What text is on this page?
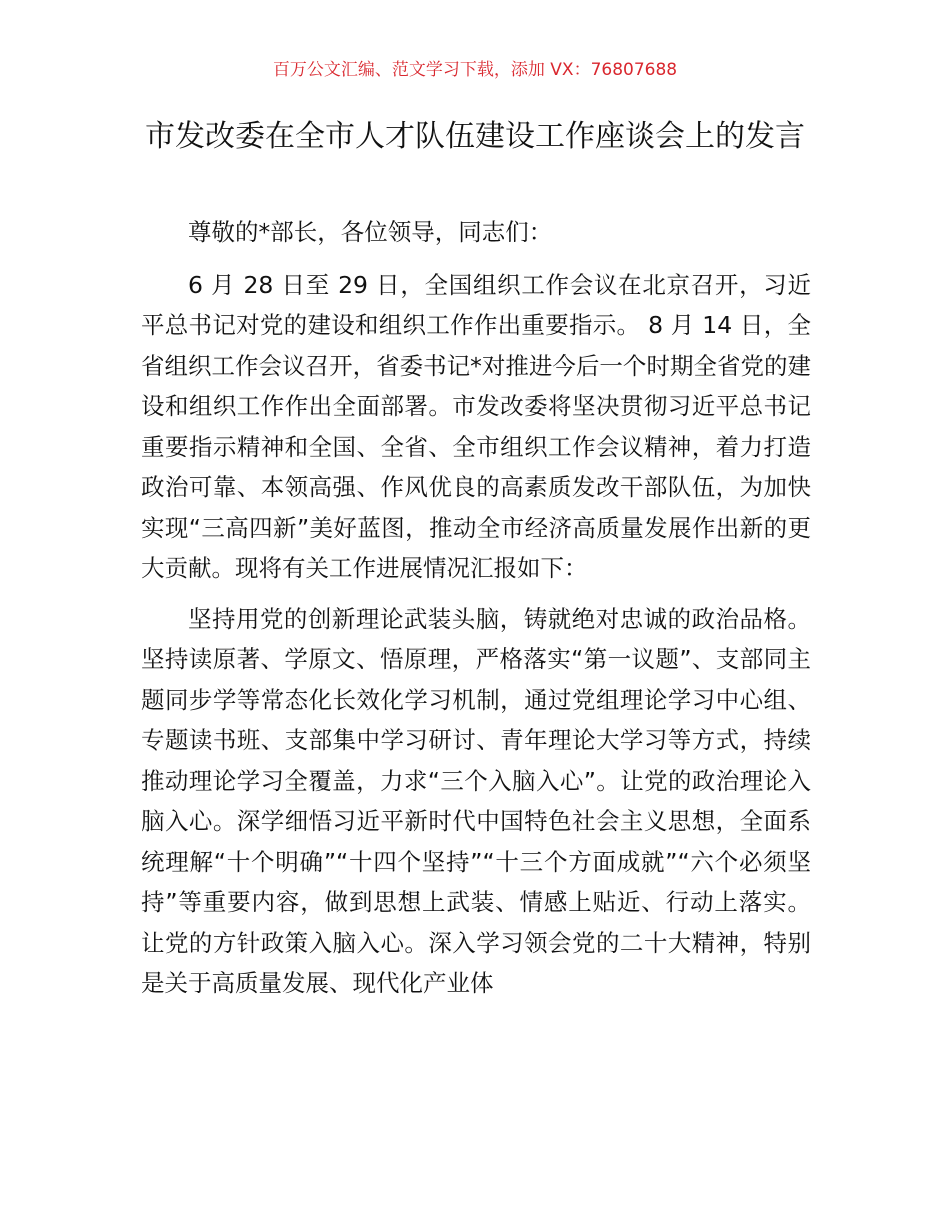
百万公文汇编、范文学习下载，添加 VX：76807688
市发改委在全市人才队伍建设工作座谈会上的发言

尊敬的*部长，各位领导，同志们：

6 月 28 日至 29 日，全国组织工作会议在北京召开，习近平总书记对党的建设和组织工作作出重要指示。 8 月 14 日，全省组织工作会议召开，省委书记*对推进今后一个时期全省党的建设和组织工作作出全面部署。市发改委将坚决贯彻习近平总书记重要指示精神和全国、全省、全市组织工作会议精神，着力打造政治可靠、本领高强、作风优良的高素质发改干部队伍，为加快实现“三高四新”美好蓝图，推动全市经济高质量发展作出新的更大贡献。现将有关工作进展情况汇报如下：

坚持用党的创新理论武装头脑，铸就绝对忠诚的政治品格。坚持读原著、学原文、悟原理，严格落实“第一议题”、支部同主题同步学等常态化长效化学习机制，通过党组理论学习中心组、专题读书班、支部集中学习研讨、青年理论大学习等方式，持续推动理论学习全覆盖，力求“三个入脑入心”。让党的政治理论入脑入心。深学细悟习近平新时代中国特色社会主义思想，全面系统理解“十个明确”“十四个坚持”“十三个方面成就”“六个必须坚持”等重要内容，做到思想上武装、情感上贴近、行动上落实。让党的方针政策入脑入心。深入学习领会党的二十大精神，特别是关于高质量发展、现代化产业体
